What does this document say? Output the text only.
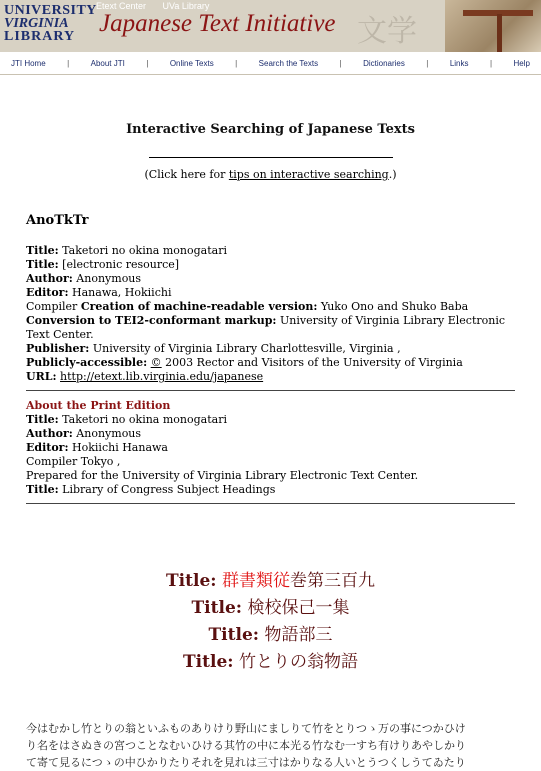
UNIVERSITY
VIRGINIA
LIBRARY
Etext Center UVa Library
Japanese Text Initiative 文学
JTI Home	|	About JTI	|	Online Texts	|	Search the Texts	|	Dictionaries	|	Links	|	Help
Interactive Searching of Japanese Texts
(Click here for tips on interactive searching.)
AnoTkTr

Title: Taketori no okina monogatari

Title: [electronic resource]

Author: Anonymous

Editor: Hanawa, Hokiichi

Compiler Creation of machine-readable version: Yuko Ono and Shuko Baba

Conversion to TEI2-conformant markup: University of Virginia Library Electronic Text Center.

Publisher: University of Virginia Library Charlottesville, Virginia ,

Publicly-accessible: © 2003 Rector and Visitors of the University of Virginia

URL: http://etext.lib.virginia.edu/japanese

About the Print Edition

Title: Taketori no okina monogatari

Author: Anonymous

Editor: Hokiichi Hanawa

Compiler Tokyo ,

Prepared for the University of Virginia Library Electronic Text Center.

Title: Library of Congress Subject Headings

Title: 群書類従巻第三百九
Title: 検校保己一集
Title: 物語部三
Title: 竹とりの翁物語
今はむかし竹とりの翁といふものありけり野山にましりて竹をとりつゝ万の事につかひけ
り名をはさぬきの宮つことなむいひける其竹の中に本光る竹なむ一すち有けりあやしかり
て寄て見るにつゝの中ひかりたりそれを見れは三寸はかりなる人いとうつくしうてゐたり
